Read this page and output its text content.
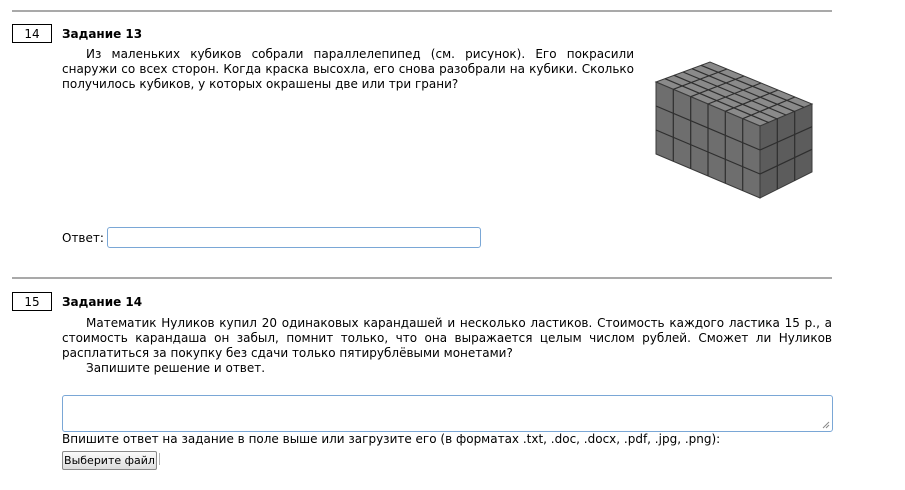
14	Задание 13
Из маленьких кубиков собрали параллелепипед (см. рисунок). Его покрасили снаружи со всех сторон. Когда краска высохла, его снова разобрали на кубики. Сколько получилось кубиков, у которых окрашены две или три грани?
Ответ:
15	Задание 14
Математик Нуликов купил 20 одинаковых карандашей и несколько ластиков. Стоимость каждого ластика 15 р., а стоимость карандаша он забыл, помнит только, что она выражается целым числом рублей. Сможет ли Нуликов расплатиться за покупку без сдачи только пятирублёвыми монетами?
Запишите решение и ответ.
Впишите ответ на задание в поле выше или загрузите его (в форматах .txt, .doc, .docx, .pdf, .jpg, .png):
Выберите файл
